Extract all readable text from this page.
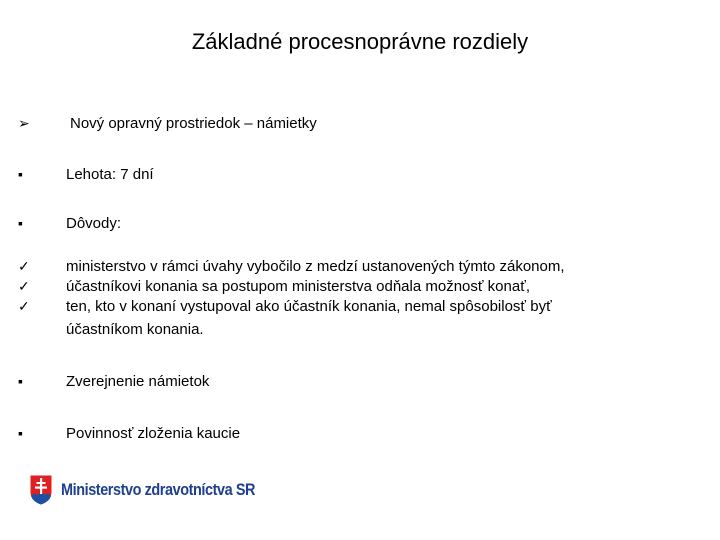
Základné procesnoprávne rozdiely
➢	Nový opravný prostriedok – námietky
▪	Lehota: 7 dní
▪	Dôvody:
✓	ministerstvo v rámci úvahy vybočilo z medzí ustanovených týmto zákonom,
✓	účastníkovi konania sa postupom ministerstva odňala možnosť konať,
✓	ten, kto v konaní vystupoval ako účastník konania, nemal spôsobilosť byť
účastníkom konania.
▪	Zverejnenie námietok
▪	Povinnosť zloženia kaucie
Ministerstvo zdravotníctva SR
